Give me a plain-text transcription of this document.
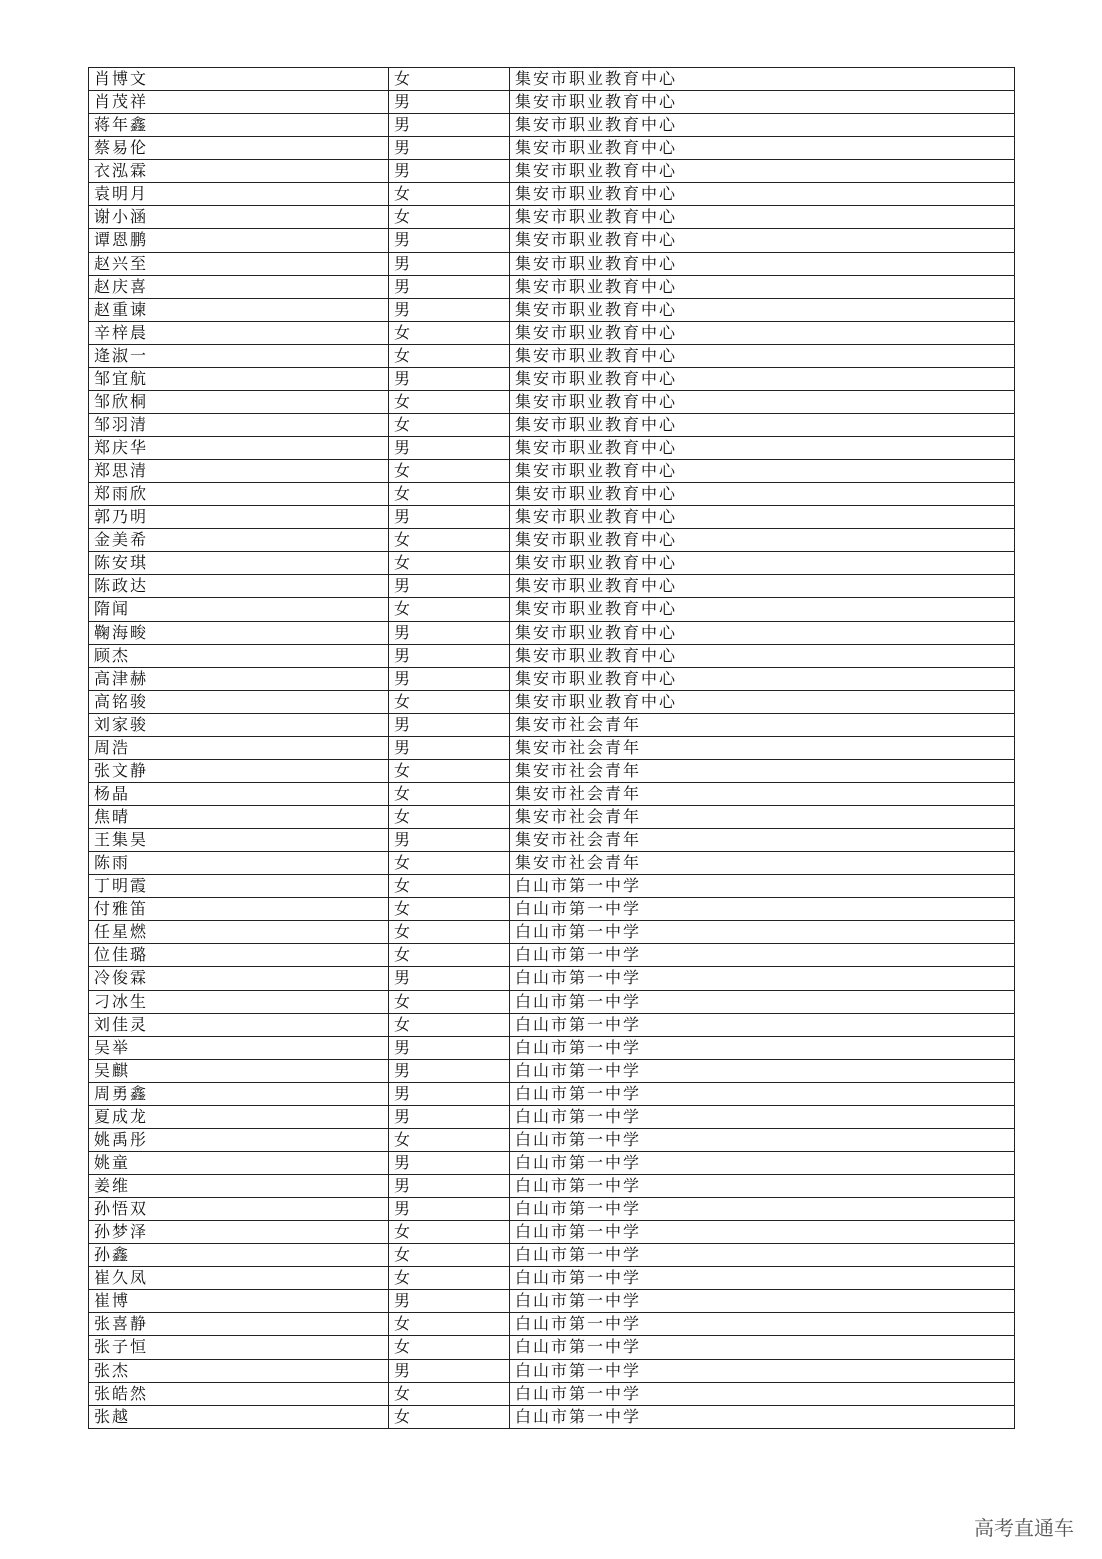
肖博文	女	集安市职业教育中心
肖茂祥	男	集安市职业教育中心
蒋年鑫	男	集安市职业教育中心
蔡易伦	男	集安市职业教育中心
衣泓霖	男	集安市职业教育中心
袁明月	女	集安市职业教育中心
谢小涵	女	集安市职业教育中心
谭恩鹏	男	集安市职业教育中心
赵兴至	男	集安市职业教育中心
赵庆喜	男	集安市职业教育中心
赵重谏	男	集安市职业教育中心
辛梓晨	女	集安市职业教育中心
逄淑一	女	集安市职业教育中心
邹宜航	男	集安市职业教育中心
邹欣桐	女	集安市职业教育中心
邹羽清	女	集安市职业教育中心
郑庆华	男	集安市职业教育中心
郑思清	女	集安市职业教育中心
郑雨欣	女	集安市职业教育中心
郭乃明	男	集安市职业教育中心
金美希	女	集安市职业教育中心
陈安琪	女	集安市职业教育中心
陈政达	男	集安市职业教育中心
隋闻	女	集安市职业教育中心
鞠海畯	男	集安市职业教育中心
顾杰	男	集安市职业教育中心
高津赫	男	集安市职业教育中心
高铭骏	女	集安市职业教育中心
刘家骏	男	集安市社会青年
周浩	男	集安市社会青年
张文静	女	集安市社会青年
杨晶	女	集安市社会青年
焦晴	女	集安市社会青年
王集昊	男	集安市社会青年
陈雨	女	集安市社会青年
丁明霞	女	白山市第一中学
付雅笛	女	白山市第一中学
任星燃	女	白山市第一中学
位佳璐	女	白山市第一中学
冷俊霖	男	白山市第一中学
刁冰生	女	白山市第一中学
刘佳灵	女	白山市第一中学
吴举	男	白山市第一中学
吴麒	男	白山市第一中学
周勇鑫	男	白山市第一中学
夏成龙	男	白山市第一中学
姚禹彤	女	白山市第一中学
姚童	男	白山市第一中学
姜维	男	白山市第一中学
孙悟双	男	白山市第一中学
孙梦泽	女	白山市第一中学
孙鑫	女	白山市第一中学
崔久凤	女	白山市第一中学
崔博	男	白山市第一中学
张喜静	女	白山市第一中学
张子恒	女	白山市第一中学
张杰	男	白山市第一中学
张皓然	女	白山市第一中学
张越	女	白山市第一中学
高考直通车
